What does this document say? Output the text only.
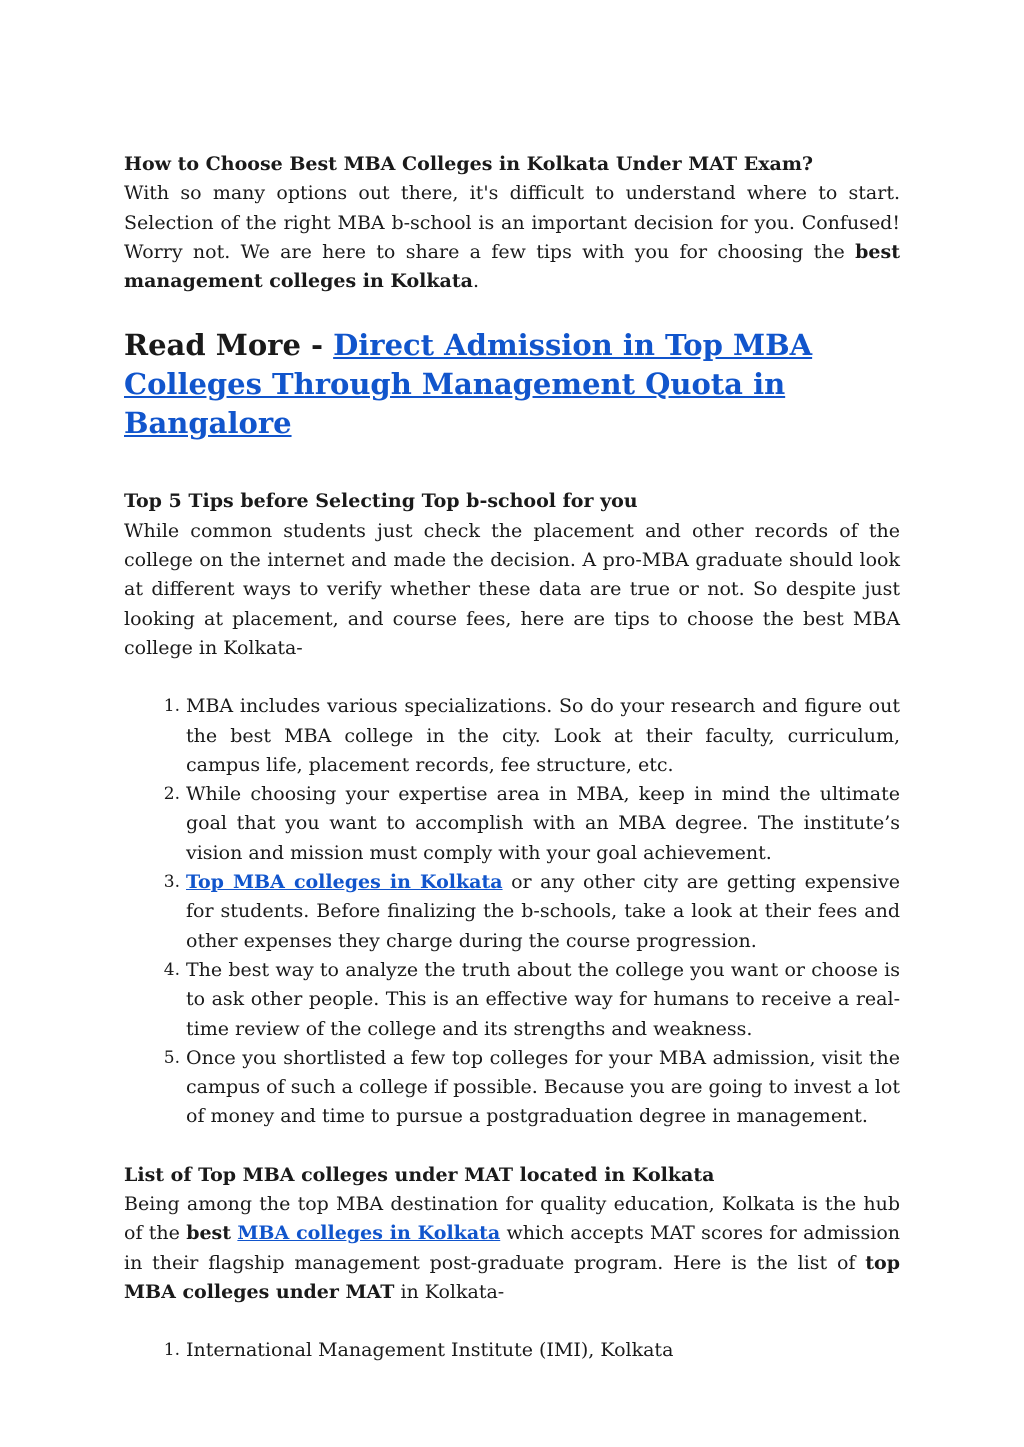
How to Choose Best MBA Colleges in Kolkata Under MAT Exam?

With so many options out there, it's difficult to understand where to start. Selection of the right MBA b-school is an important decision for you. Confused! Worry not. We are here to share a few tips with you for choosing the best management colleges in Kolkata.

Read More - Direct Admission in Top MBA Colleges Through Management Quota in Bangalore
Top 5 Tips before Selecting Top b-school for you

While common students just check the placement and other records of the college on the internet and made the decision. A pro-MBA graduate should look at different ways to verify whether these data are true or not. So despite just looking at placement, and course fees, here are tips to choose the best MBA college in Kolkata-

1. MBA includes various specializations. So do your research and figure out the best MBA college in the city. Look at their faculty, curriculum, campus life, placement records, fee structure, etc.
2. While choosing your expertise area in MBA, keep in mind the ultimate goal that you want to accomplish with an MBA degree. The institute’s vision and mission must comply with your goal achievement.
3. Top MBA colleges in Kolkata or any other city are getting expensive for students. Before finalizing the b-schools, take a look at their fees and other expenses they charge during the course progression.
4. The best way to analyze the truth about the college you want or choose is to ask other people. This is an effective way for humans to receive a real-time review of the college and its strengths and weakness.
5. Once you shortlisted a few top colleges for your MBA admission, visit the campus of such a college if possible. Because you are going to invest a lot of money and time to pursue a postgraduation degree in management.
List of Top MBA colleges under MAT located in Kolkata

Being among the top MBA destination for quality education, Kolkata is the hub of the best MBA colleges in Kolkata which accepts MAT scores for admission in their flagship management post-graduate program. Here is the list of top MBA colleges under MAT in Kolkata-

1. International Management Institute (IMI), Kolkata
